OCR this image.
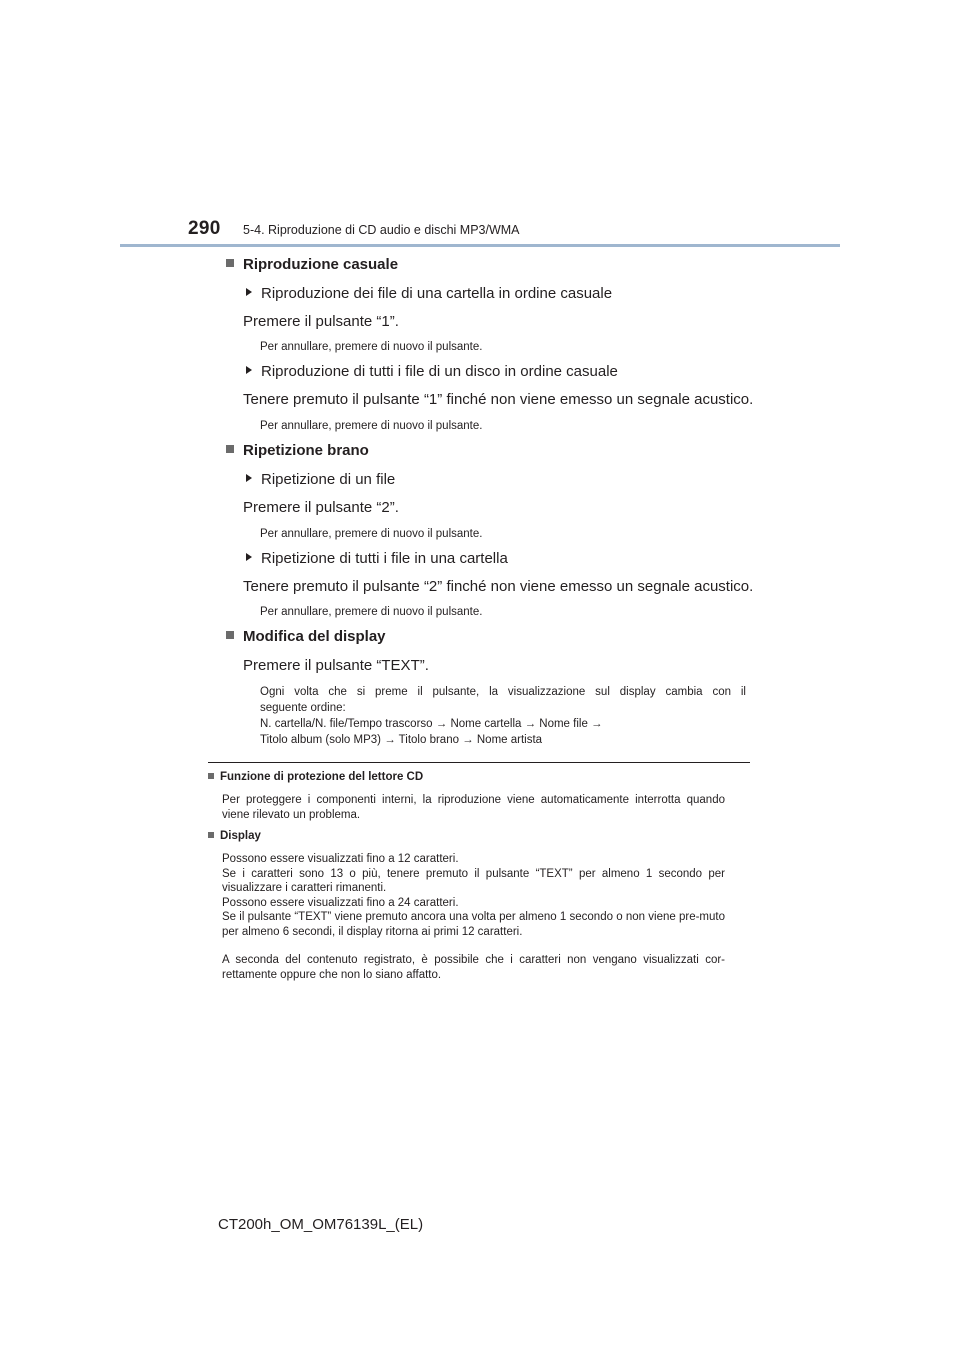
290 5-4. Riproduzione di CD audio e dischi MP3/WMA
Riproduzione casuale
Riproduzione dei file di una cartella in ordine casuale
Premere il pulsante “1”.
Per annullare, premere di nuovo il pulsante.
Riproduzione di tutti i file di un disco in ordine casuale
Tenere premuto il pulsante “1” finché non viene emesso un segnale acustico.
Per annullare, premere di nuovo il pulsante.
Ripetizione brano
Ripetizione di un file
Premere il pulsante “2”.
Per annullare, premere di nuovo il pulsante.
Ripetizione di tutti i file in una cartella
Tenere premuto il pulsante “2” finché non viene emesso un segnale acustico.
Per annullare, premere di nuovo il pulsante.
Modifica del display
Premere il pulsante “TEXT”.
Ogni volta che si preme il pulsante, la visualizzazione sul display cambia con il
seguente ordine:
N. cartella/N. file/Tempo trascorso → Nome cartella → Nome file →
Titolo album (solo MP3) → Titolo brano → Nome artista
Funzione di protezione del lettore CD
Per proteggere i componenti interni, la riproduzione viene automaticamente interrotta quando viene rilevato un problema.
Display

Possono essere visualizzati fino a 12 caratteri.

Se i caratteri sono 13 o più, tenere premuto il pulsante “TEXT” per almeno 1 secondo per visualizzare i caratteri rimanenti.

Possono essere visualizzati fino a 24 caratteri.

Se il pulsante “TEXT” viene premuto ancora una volta per almeno 1 secondo o non viene pre-muto per almeno 6 secondi, il display ritorna ai primi 12 caratteri.

A seconda del contenuto registrato, è possibile che i caratteri non vengano visualizzati cor-rettamente oppure che non lo siano affatto.
CT200h_OM_OM76139L_(EL)
